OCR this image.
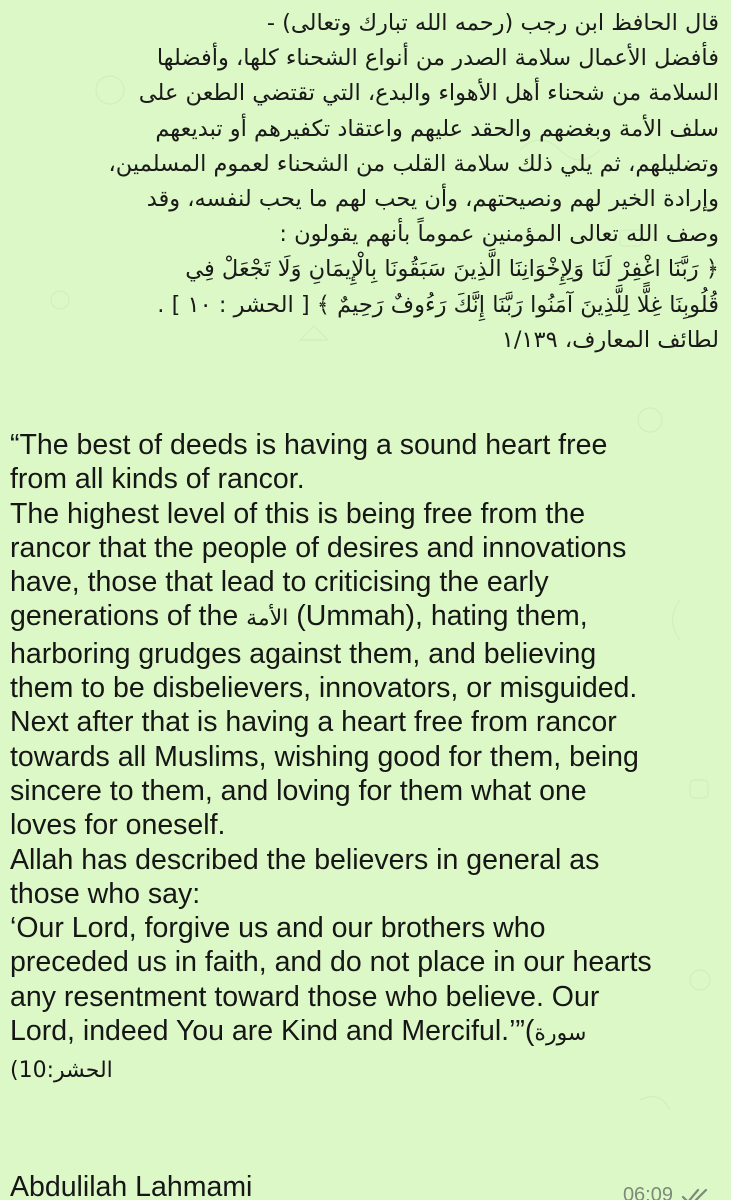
قال الحافظ ابن رجب (رحمه الله تبارك وتعالى) -
فأفضل الأعمال سلامة الصدر من أنواع الشحناء كلها، وأفضلها
السلامة من شحناء أهل الأهواء والبدع، التي تقتضي الطعن على
سلف الأمة وبغضهم والحقد عليهم واعتقاد تكفيرهم أو تبديعهم
وتضليلهم، ثم يلي ذلك سلامة القلب من الشحناء لعموم المسلمين،
وإرادة الخير لهم ونصيحتهم، وأن يحب لهم ما يحب لنفسه، وقد
وصف الله تعالى المؤمنين عموماً بأنهم يقولون :
﴿ رَبَّنَا اغْفِرْ لَنَا وَلِإِخْوَانِنَا الَّذِينَ سَبَقُونَا بِالْإِيمَانِ وَلَا تَجْعَلْ فِي
قُلُوبِنَا غِلًّا لِلَّذِينَ آمَنُوا رَبَّنَا إِنَّكَ رَءُوفٌ رَحِيمٌ ﴾ [ الحشر : ١٠ ] .
لطائف المعارف، ١/١٣٩
“The best of deeds is having a sound heart free
from all kinds of rancor.
The highest level of this is being free from the
rancor that the people of desires and innovations
have, those that lead to criticising the early
generations of the الأمة (Ummah), hating them,
harboring grudges against them, and believing
them to be disbelievers, innovators, or misguided.
Next after that is having a heart free from rancor
towards all Muslims, wishing good for them, being
sincere to them, and loving for them what one
loves for oneself.
Allah has described the believers in general as
those who say:
‘Our Lord, forgive us and our brothers who
preceded us in faith, and do not place in our hearts
any resentment toward those who believe. Our
Lord, indeed You are Kind and Merciful.’”(سورة
الحشر:10)
Abdulilah Lahmami	06:09
